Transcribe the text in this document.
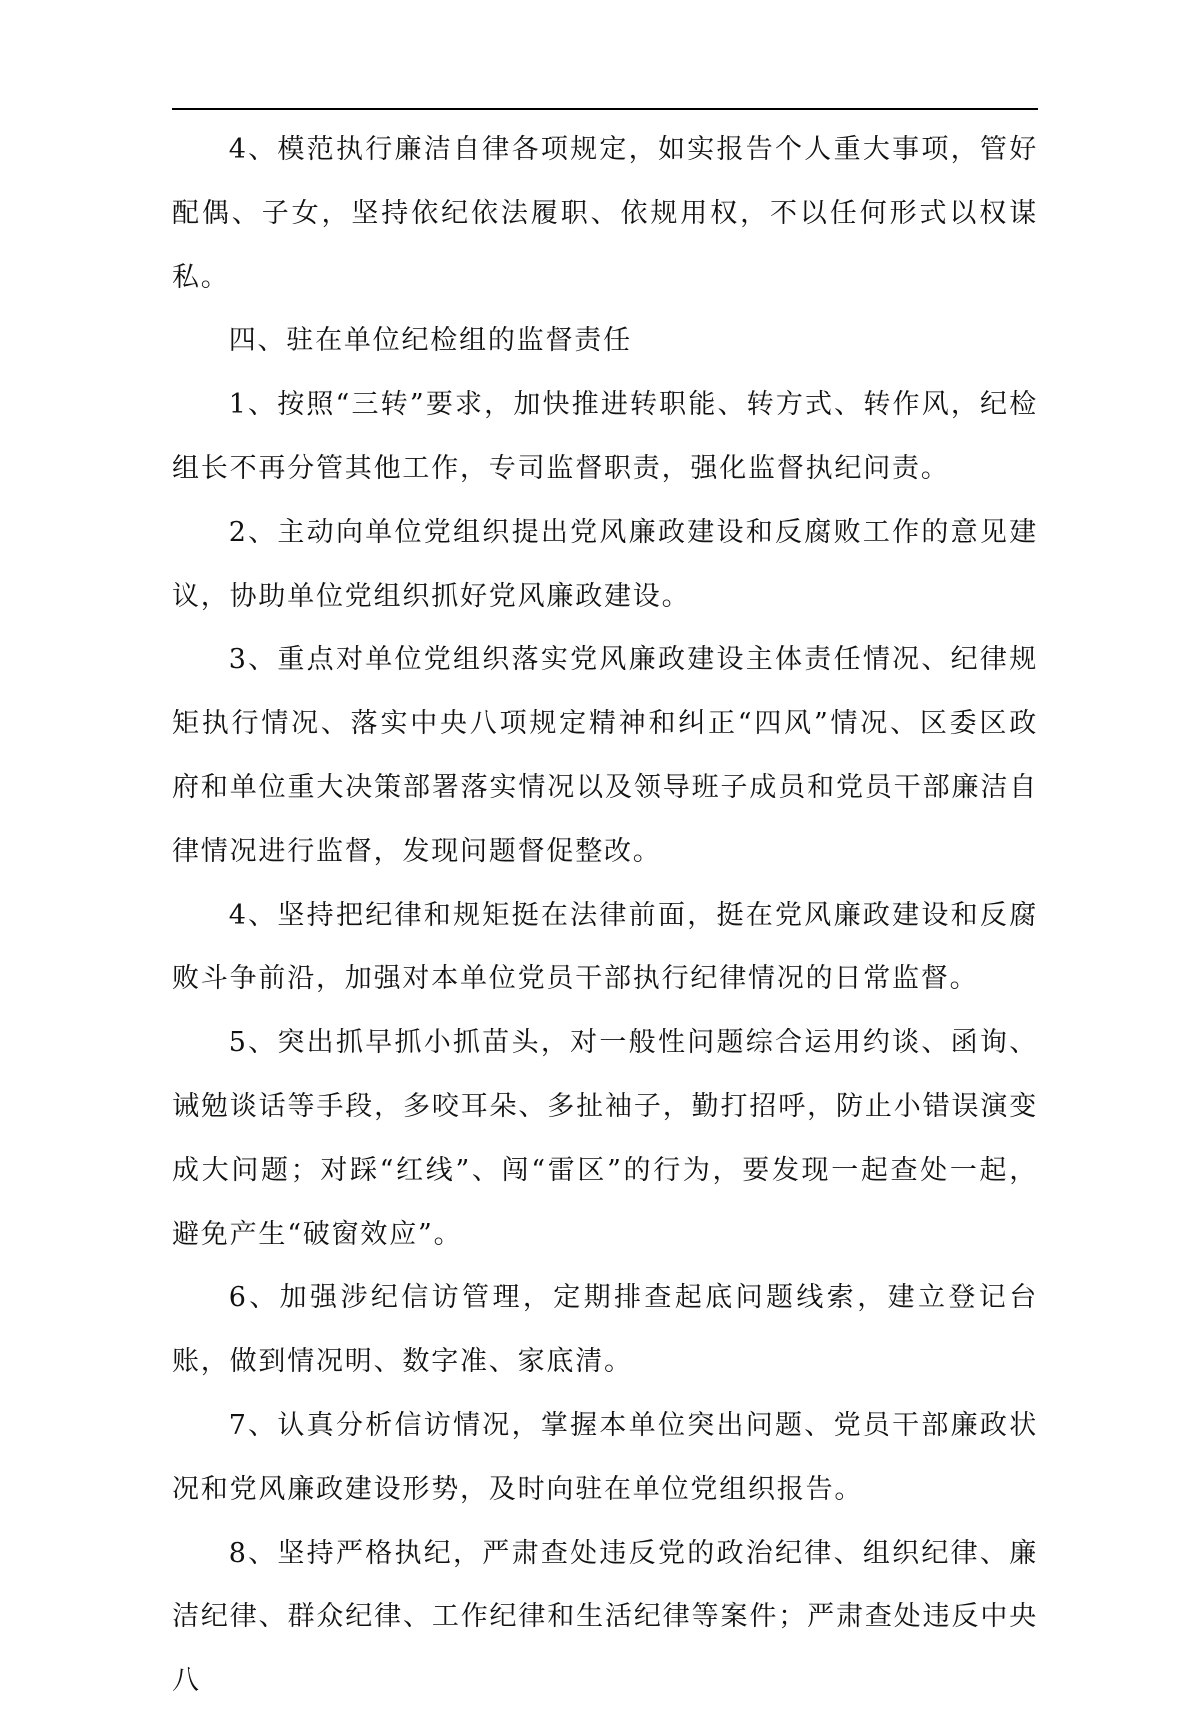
4、模范执行廉洁自律各项规定，如实报告个人重大事项，管好配偶、子女，坚持依纪依法履职、依规用权，不以任何形式以权谋私。

四、驻在单位纪检组的监督责任

1、按照“三转”要求，加快推进转职能、转方式、转作风，纪检组长不再分管其他工作，专司监督职责，强化监督执纪问责。

2、主动向单位党组织提出党风廉政建设和反腐败工作的意见建议，协助单位党组织抓好党风廉政建设。

3、重点对单位党组织落实党风廉政建设主体责任情况、纪律规矩执行情况、落实中央八项规定精神和纠正“四风”情况、区委区政府和单位重大决策部署落实情况以及领导班子成员和党员干部廉洁自律情况进行监督，发现问题督促整改。

4、坚持把纪律和规矩挺在法律前面，挺在党风廉政建设和反腐败斗争前沿，加强对本单位党员干部执行纪律情况的日常监督。

5、突出抓早抓小抓苗头，对一般性问题综合运用约谈、函询、诫勉谈话等手段，多咬耳朵、多扯袖子，勤打招呼，防止小错误演变成大问题；对踩“红线”、闯“雷区”的行为，要发现一起查处一起，避免产生“破窗效应”。

6、加强涉纪信访管理，定期排查起底问题线索，建立登记台账，做到情况明、数字准、家底清。

7、认真分析信访情况，掌握本单位突出问题、党员干部廉政状况和党风廉政建设形势，及时向驻在单位党组织报告。

8、坚持严格执纪，严肃查处违反党的政治纪律、组织纪律、廉洁纪律、群众纪律、工作纪律和生活纪律等案件；严肃查处违反中央八
